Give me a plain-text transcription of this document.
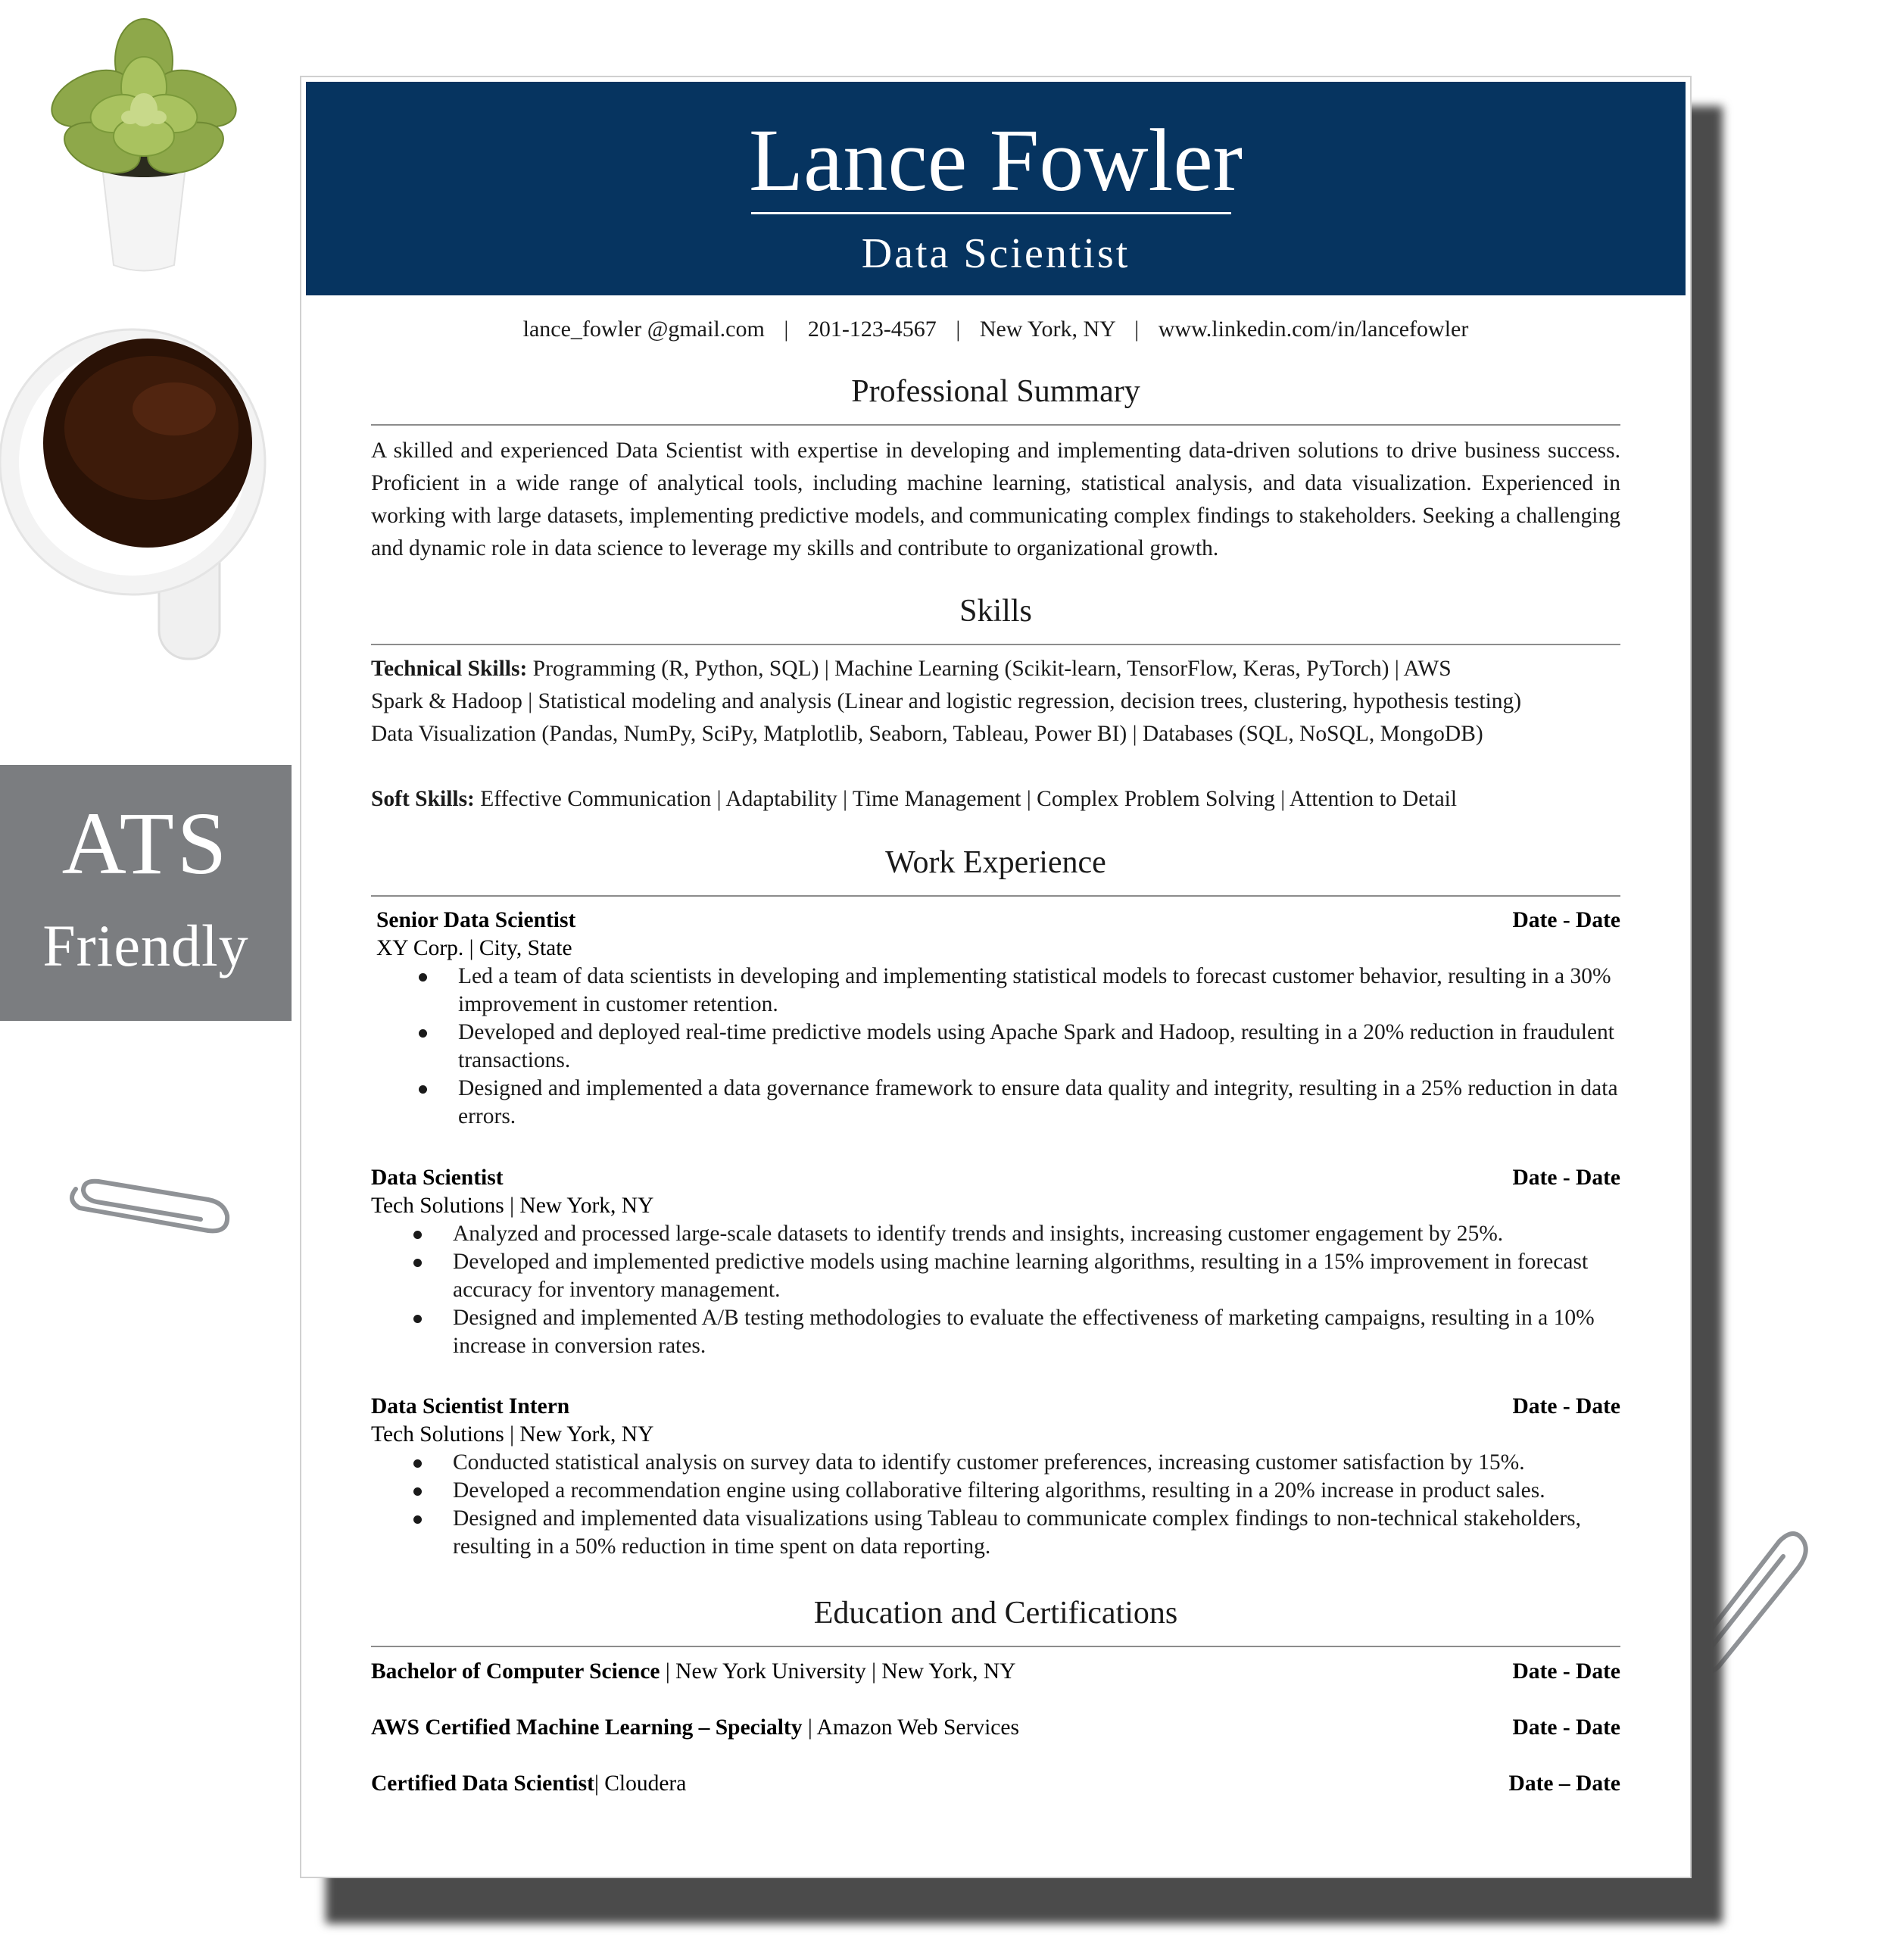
ATS
Friendly
Lance Fowler
Data Scientist
lance_fowler @gmail.com | 201-123-4567 | New York, NY | www.linkedin.com/in/lancefowler
Professional Summary
A skilled and experienced Data Scientist with expertise in developing and implementing data-driven solutions to drive business success. Proficient in a wide range of analytical tools, including machine learning, statistical analysis, and data visualization. Experienced in working with large datasets, implementing predictive models, and communicating complex findings to stakeholders. Seeking a challenging and dynamic role in data science to leverage my skills and contribute to organizational growth.
Skills
Technical Skills: Programming (R, Python, SQL) | Machine Learning (Scikit-learn, TensorFlow, Keras, PyTorch) | AWS
Spark & Hadoop | Statistical modeling and analysis (Linear and logistic regression, decision trees, clustering, hypothesis testing)
Data Visualization (Pandas, NumPy, SciPy, Matplotlib, Seaborn, Tableau, Power BI) | Databases (SQL, NoSQL, MongoDB)
Soft Skills: Effective Communication | Adaptability | Time Management | Complex Problem Solving | Attention to Detail
Work Experience
Senior Data Scientist	Date - Date
XY Corp. | City, State
Led a team of data scientists in developing and implementing statistical models to forecast customer behavior, resulting in a 30% improvement in customer retention.
Developed and deployed real-time predictive models using Apache Spark and Hadoop, resulting in a 20% reduction in fraudulent transactions.
Designed and implemented a data governance framework to ensure data quality and integrity, resulting in a 25% reduction in data errors.
Data Scientist	Date - Date
Tech Solutions | New York, NY
Analyzed and processed large-scale datasets to identify trends and insights, increasing customer engagement by 25%.
Developed and implemented predictive models using machine learning algorithms, resulting in a 15% improvement in forecast accuracy for inventory management.
Designed and implemented A/B testing methodologies to evaluate the effectiveness of marketing campaigns, resulting in a 10% increase in conversion rates.
Data Scientist Intern	Date - Date
Tech Solutions | New York, NY
Conducted statistical analysis on survey data to identify customer preferences, increasing customer satisfaction by 15%.
Developed a recommendation engine using collaborative filtering algorithms, resulting in a 20% increase in product sales.
Designed and implemented data visualizations using Tableau to communicate complex findings to non-technical stakeholders, resulting in a 50% reduction in time spent on data reporting.
Education and Certifications
Bachelor of Computer Science | New York University | New York, NY	Date - Date
AWS Certified Machine Learning – Specialty | Amazon Web Services	Date - Date
Certified Data Scientist| Cloudera	Date – Date
